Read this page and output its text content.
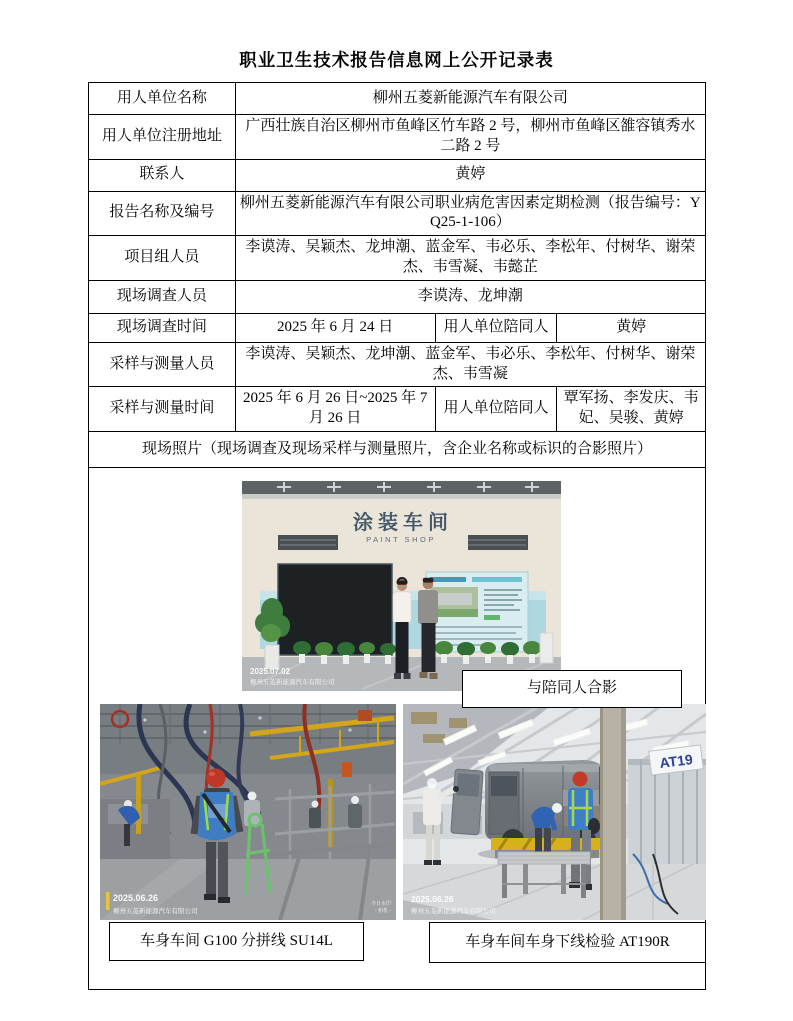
职业卫生技术报告信息网上公开记录表
用人单位名称	柳州五菱新能源汽车有限公司		
用人单位注册地址	广西壮族自治区柳州市鱼峰区竹车路 2 号，柳州市鱼峰区雒容镇秀水二路 2 号		
联系人	黄婷		
报告名称及编号	柳州五菱新能源汽车有限公司职业病危害因素定期检测（报告编号：YQ25-1-106）		
项目组人员	李谟涛、吴颖杰、龙坤潮、蓝金军、韦必乐、李松年、付树华、谢荣杰、韦雪凝、韦懿芷		
现场调查人员	李谟涛、龙坤潮		
现场调查时间	2025 年 6 月 24 日	用人单位陪同人	黄婷
采样与测量人员	李谟涛、吴颖杰、龙坤潮、蓝金军、韦必乐、李松年、付树华、谢荣杰、韦雪凝		
采样与测量时间	2025 年 6 月 26 日~2025 年 7 月 26 日	用人单位陪同人	覃军扬、李发庆、韦妃、吴骏、黄婷
现场照片（现场调查及现场采样与测量照片，含企业名称或标识的合影照片）			

涂装车间
PAINT SHOP
2025.07.02
柳州五菱新能源汽车有限公司	与陪同人合影
2025.06.26
柳州五菱新能源汽车有限公司
今日水印
- 相机 -
AT19
2025.06.26
柳州五菱新能源汽车有限公司
车身车间 G100 分拼线 SU14L	车身车间车身下线检验 AT190R
